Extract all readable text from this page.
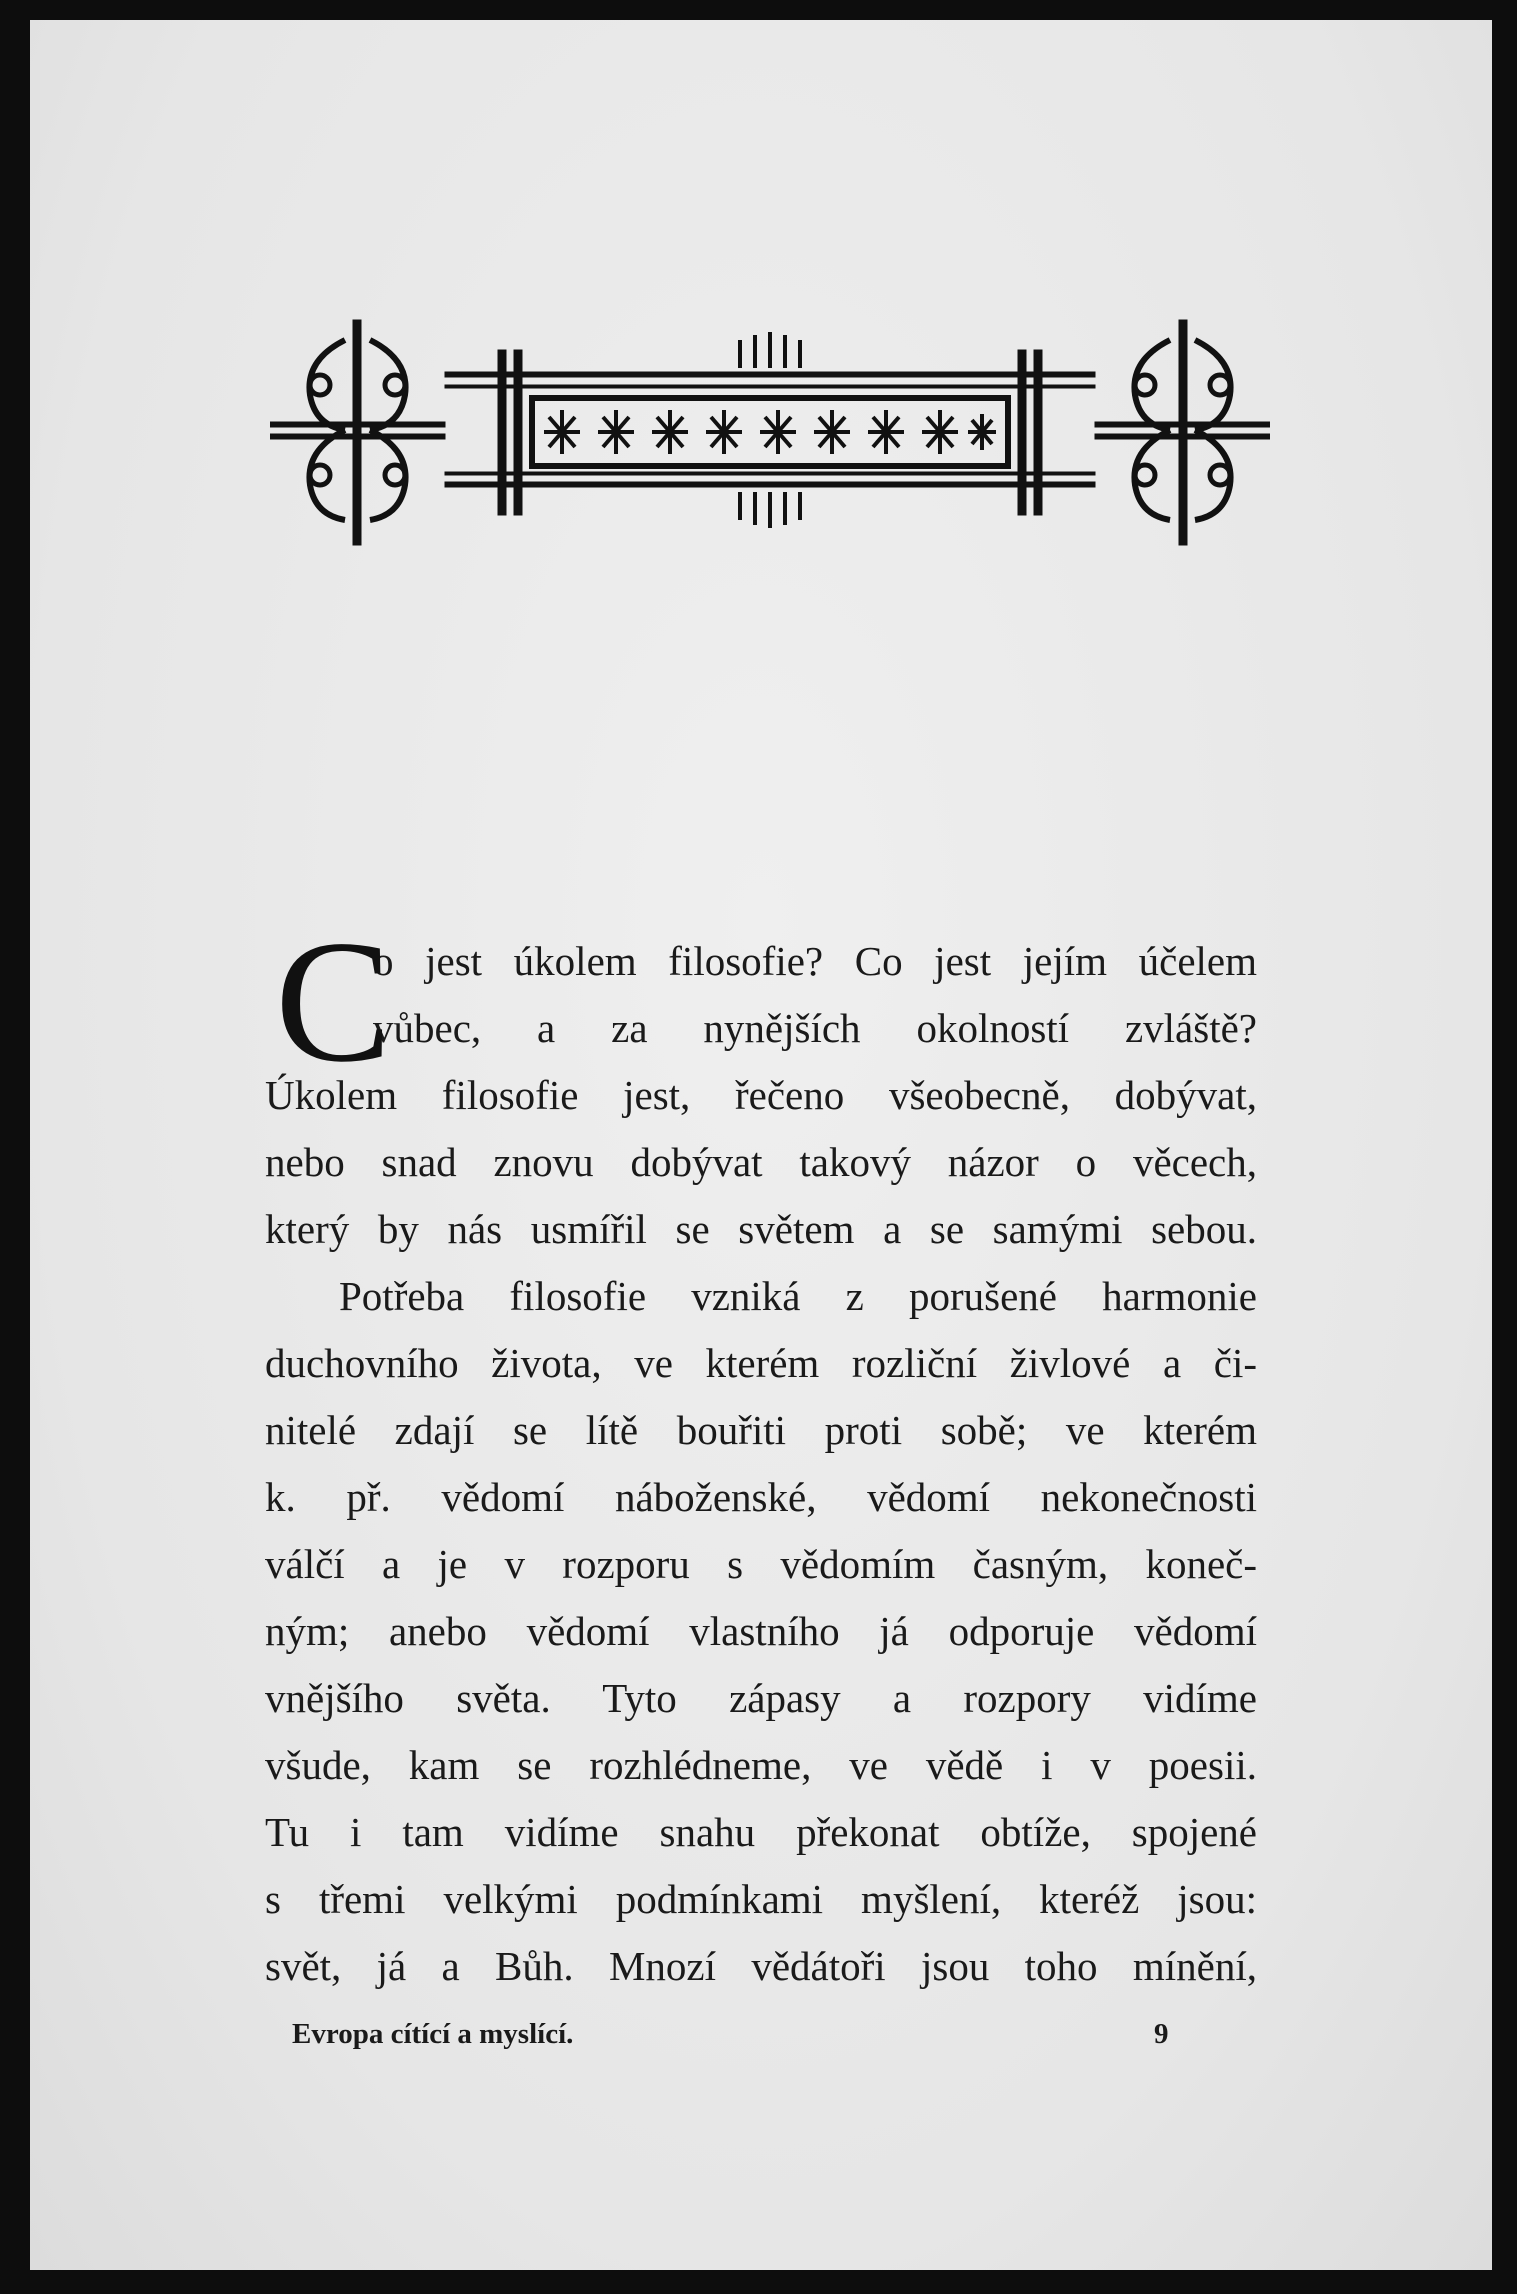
C
o jest úkolem filosofie? Co jest jejím účelem
vůbec, a za nynějších okolností zvláště?
Úkolem filosofie jest, řečeno všeobecně, dobývat,
nebo snad znovu dobývat takový názor o věcech,
který by nás usmířil se světem a se samými sebou.
Potřeba filosofie vzniká z porušené harmonie
duchovního života, ve kterém rozliční živlové a či-
nitelé zdají se lítě bouřiti proti sobě; ve kterém
k. př. vědomí náboženské, vědomí nekonečnosti
válčí a je v rozporu s vědomím časným, koneč-
ným; anebo vědomí vlastního já odporuje vědomí
vnějšího světa. Tyto zápasy a rozpory vidíme
všude, kam se rozhlédneme, ve vědě i v poesii.
Tu i tam vidíme snahu překonat obtíže, spojené
s třemi velkými podmínkami myšlení, kteréž jsou:
svět, já a Bůh. Mnozí vědátoři jsou toho mínění,
Evropa cítící a myslící.	9
